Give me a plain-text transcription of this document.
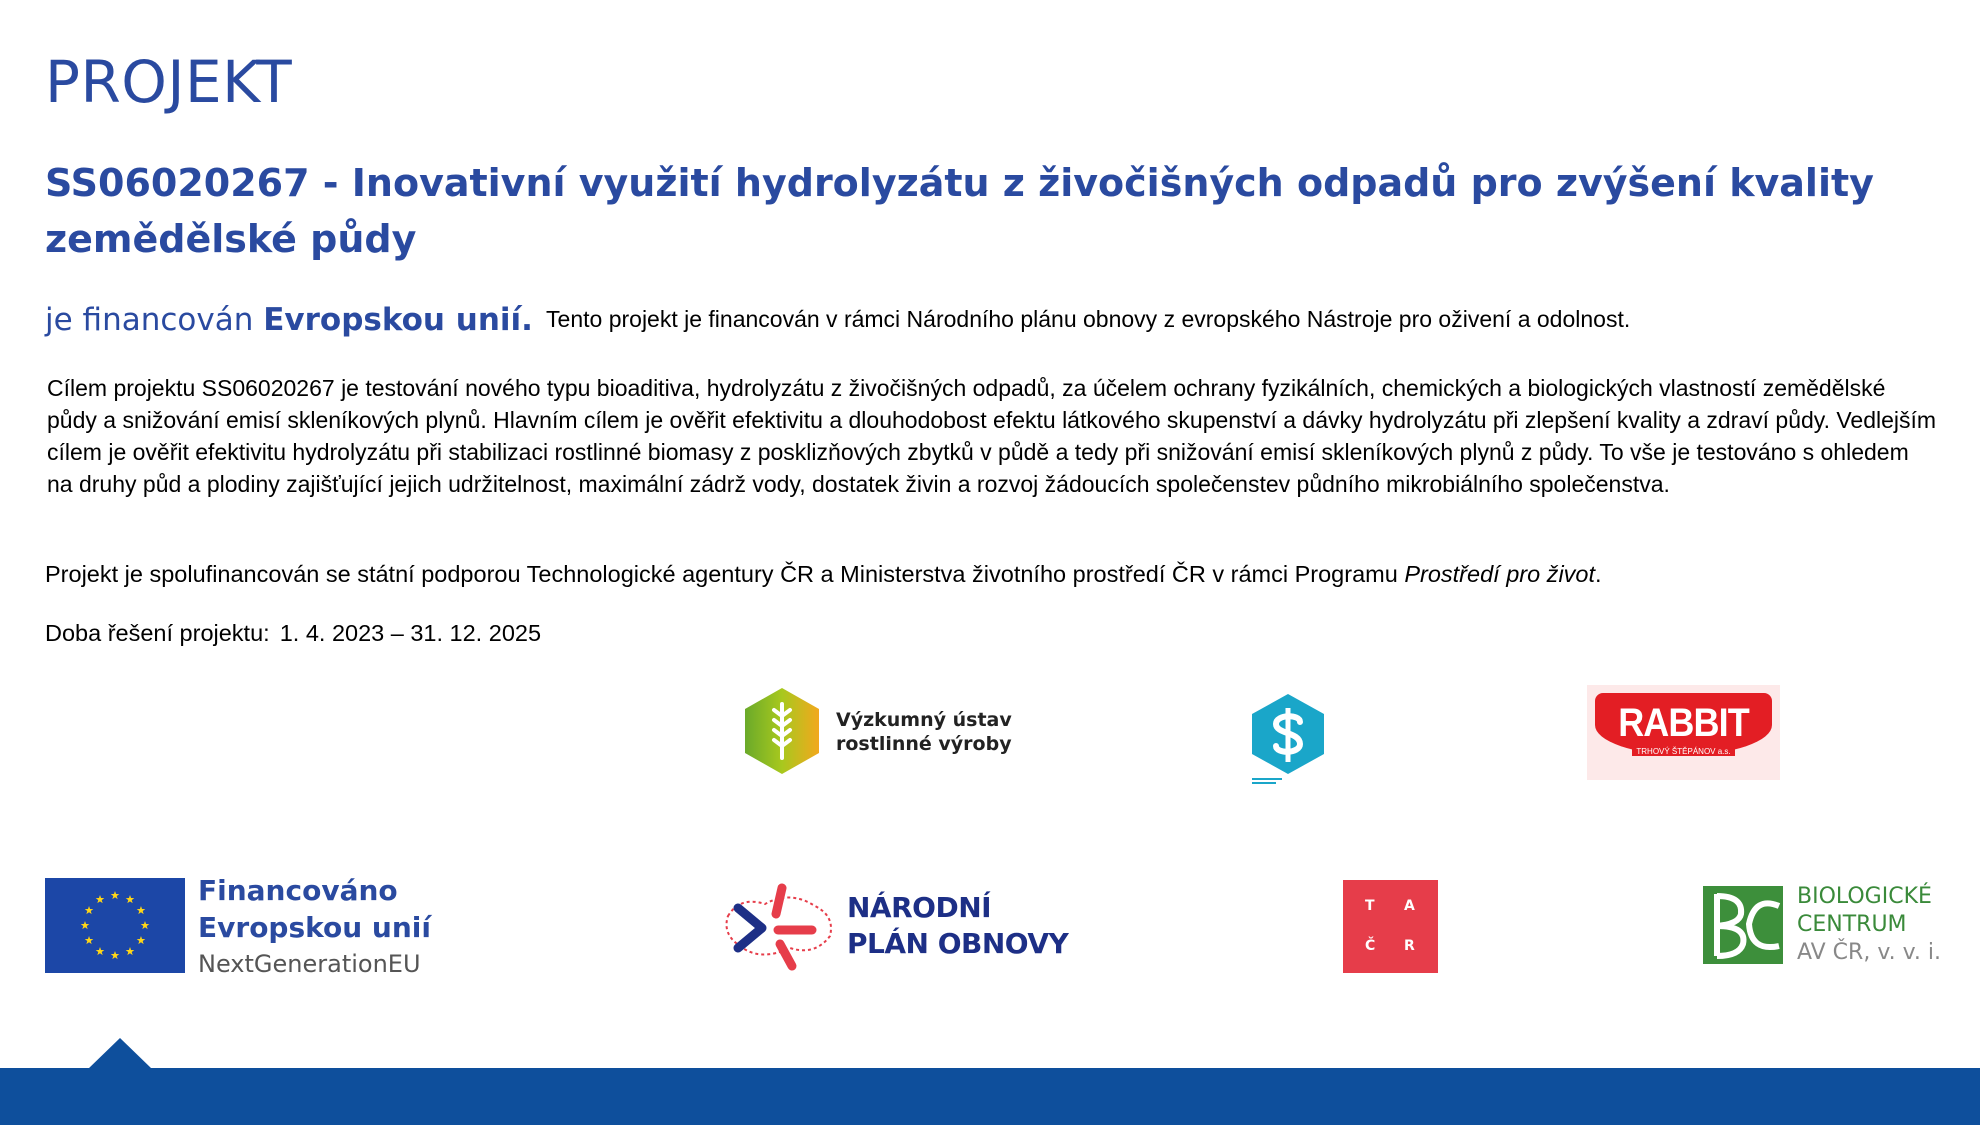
PROJEKT
SS06020267 - Inovativní využití hydrolyzátu z živočišných odpadů pro zvýšení kvality zemědělské půdy
je financován Evropskou unií. Tento projekt je financován v rámci Národního plánu obnovy z evropského Nástroje pro oživení a odolnost.

Cílem projektu SS06020267 je testování nového typu bioaditiva, hydrolyzátu z živočišných odpadů, za účelem ochrany fyzikálních, chemických a biologických vlastností zemědělské půdy a snižování emisí skleníkových plynů. Hlavním cílem je ověřit efektivitu a dlouhodobost efektu látkového skupenství a dávky hydrolyzátu při zlepšení kvality a zdraví půdy. Vedlejším cílem je ověřit efektivitu hydrolyzátu při stabilizaci rostlinné biomasy z posklizňových zbytků v půdě a tedy při snižování emisí skleníkových plynů z půdy. To vše je testováno s ohledem na druhy půd a plodiny zajišťující jejich udržitelnost, maximální zádrž vody, dostatek živin a rozvoj žádoucích společenstev půdního mikrobiálního společenstva.

Projekt je spolufinancován se státní podporou Technologické agentury ČR a Ministerstva životního prostředí ČR v rámci Programu Prostředí pro život.

Doba řešení projektu: 1. 4. 2023 – 31. 12. 2025

Výzkumný ústav
rostlinné výroby	RABBIT
TRHOVÝ ŠTĚPÁNOV a.s.
Financováno
Evropskou unií
NextGenerationEU
NÁRODNÍ
PLÁN OBNOVY
T A
Č R
BIOLOGICKÉ
CENTRUM
AV ČR, v. v. i.
